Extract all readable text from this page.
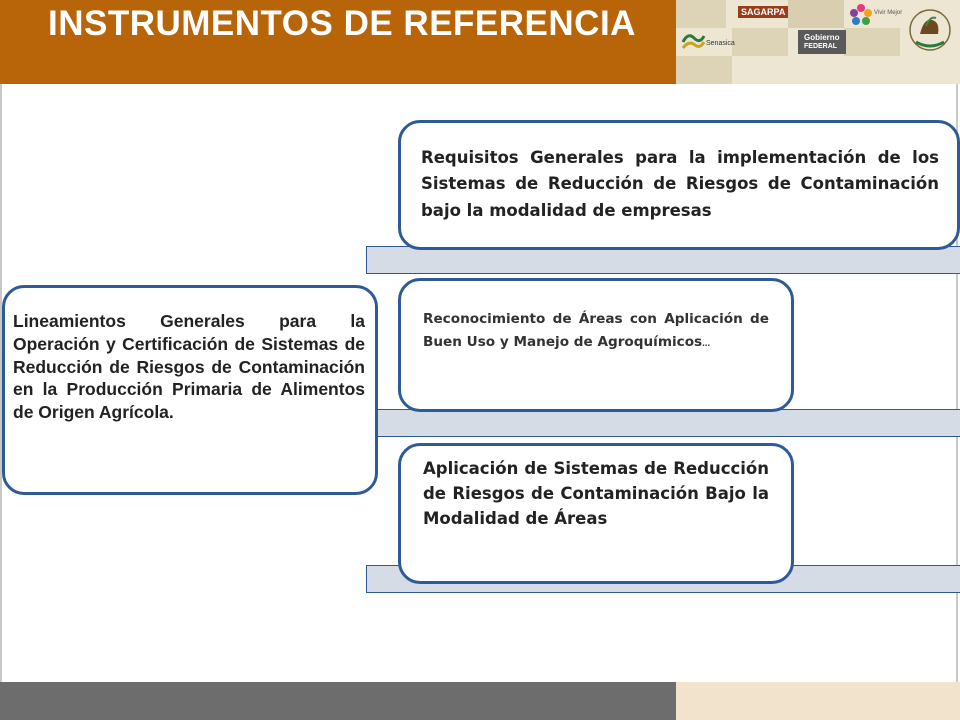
INSTRUMENTOS DE REFERENCIA	SAGARPA
Senasica
Gobierno
FEDERAL
Vivir Mejor
Lineamientos Generales para la Operación y Certificación de Sistemas de Reducción de Riesgos de Contaminación en la Producción Primaria de Alimentos de Origen Agrícola.
Requisitos Generales para la implementación de los Sistemas de Reducción de Riesgos de Contaminación bajo la modalidad de empresas
Reconocimiento de Áreas con Aplicación de Buen Uso y Manejo de Agroquímicos…
Aplicación de Sistemas de Reducción de Riesgos de Contaminación Bajo la Modalidad de Áreas
